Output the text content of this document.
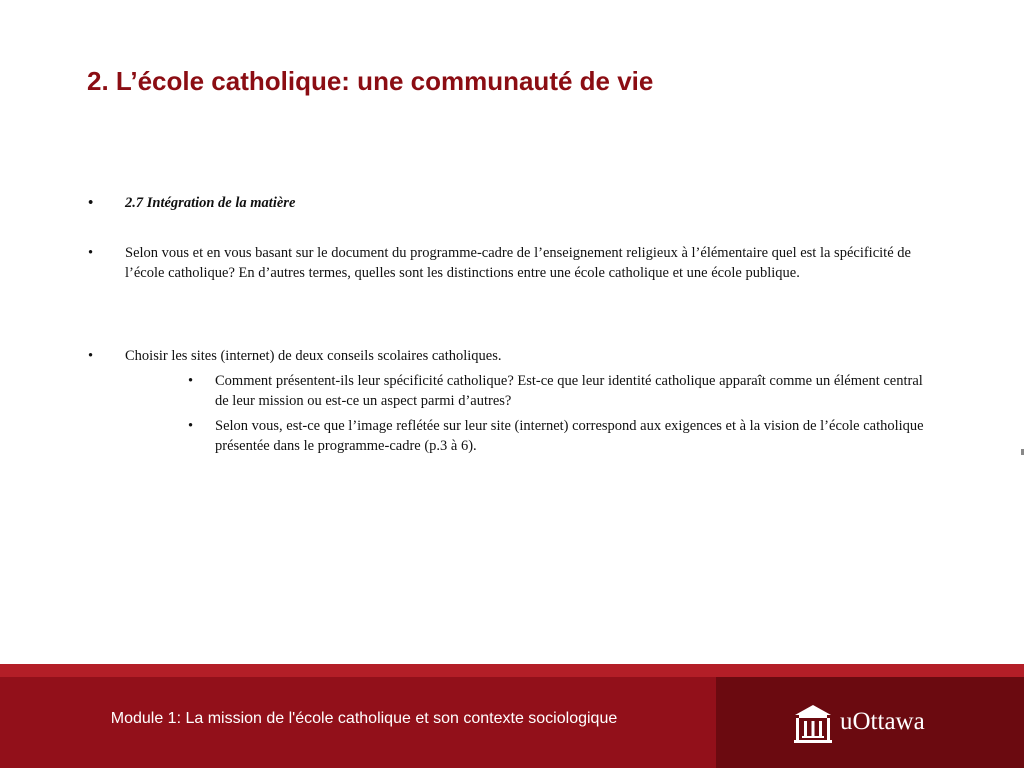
2. L’école catholique: une communauté de vie
• 2.7 Intégration de la matière
• Selon vous et en vous basant sur le document du programme-cadre de l’enseignement religieux à l’élémentaire quel est la spécificité de l’école catholique? En d’autres termes, quelles sont les distinctions entre une école catholique et une école publique.
• Choisir les sites (internet) de deux conseils scolaires catholiques.
• Comment présentent-ils leur spécificité catholique? Est-ce que leur identité catholique apparaît comme un élément central de leur mission ou est-ce un aspect parmi d’autres?
• Selon vous, est-ce que l’image reflétée sur leur site (internet) correspond aux exigences et à la vision de l’école catholique présentée dans le programme-cadre (p.3 à 6).
Module 1: La mission de l'école catholique et son contexte sociologique	uOttawa
